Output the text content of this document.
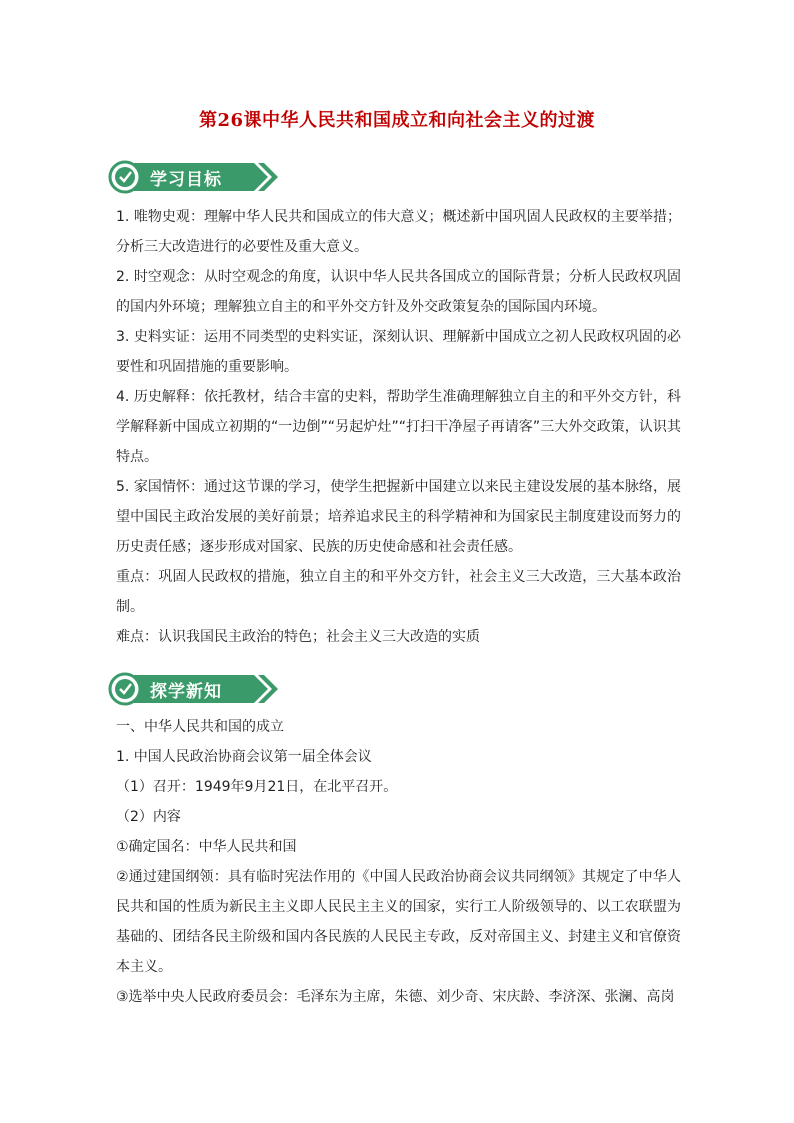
第26课中华人民共和国成立和向社会主义的过渡
学习目标

1. 唯物史观：理解中华人民共和国成立的伟大意义；概述新中国巩固人民政权的主要举措；分析三大改造进行的必要性及重大意义。

2. 时空观念：从时空观念的角度，认识中华人民共各国成立的国际背景；分析人民政权巩固的国内外环境；理解独立自主的和平外交方针及外交政策复杂的国际国内环境。

3. 史料实证：运用不同类型的史料实证，深刻认识、理解新中国成立之初人民政权巩固的必要性和巩固措施的重要影响。

4. 历史解释：依托教材，结合丰富的史料，帮助学生准确理解独立自主的和平外交方针，科学解释新中国成立初期的“一边倒”“另起炉灶”“打扫干净屋子再请客”三大外交政策，认识其特点。

5. 家国情怀：通过这节课的学习，使学生把握新中国建立以来民主建设发展的基本脉络，展望中国民主政治发展的美好前景；培养追求民主的科学精神和为国家民主制度建设而努力的历史责任感；逐步形成对国家、民族的历史使命感和社会责任感。

重点：巩固人民政权的措施，独立自主的和平外交方针，社会主义三大改造，三大基本政治制。

难点：认识我国民主政治的特色；社会主义三大改造的实质

探学新知

一、中华人民共和国的成立

1. 中国人民政治协商会议第一届全体会议

（1）召开：1949年9月21日，在北平召开。

（2）内容

①确定国名：中华人民共和国

②通过建国纲领：具有临时宪法作用的《中国人民政治协商会议共同纲领》其规定了中华人民共和国的性质为新民主主义即人民民主主义的国家，实行工人阶级领导的、以工农联盟为基础的、团结各民主阶级和国内各民族的人民民主专政，反对帝国主义、封建主义和官僚资本主义。

③选举中央人民政府委员会：毛泽东为主席，朱德、刘少奇、宋庆龄、李济深、张澜、高岗
